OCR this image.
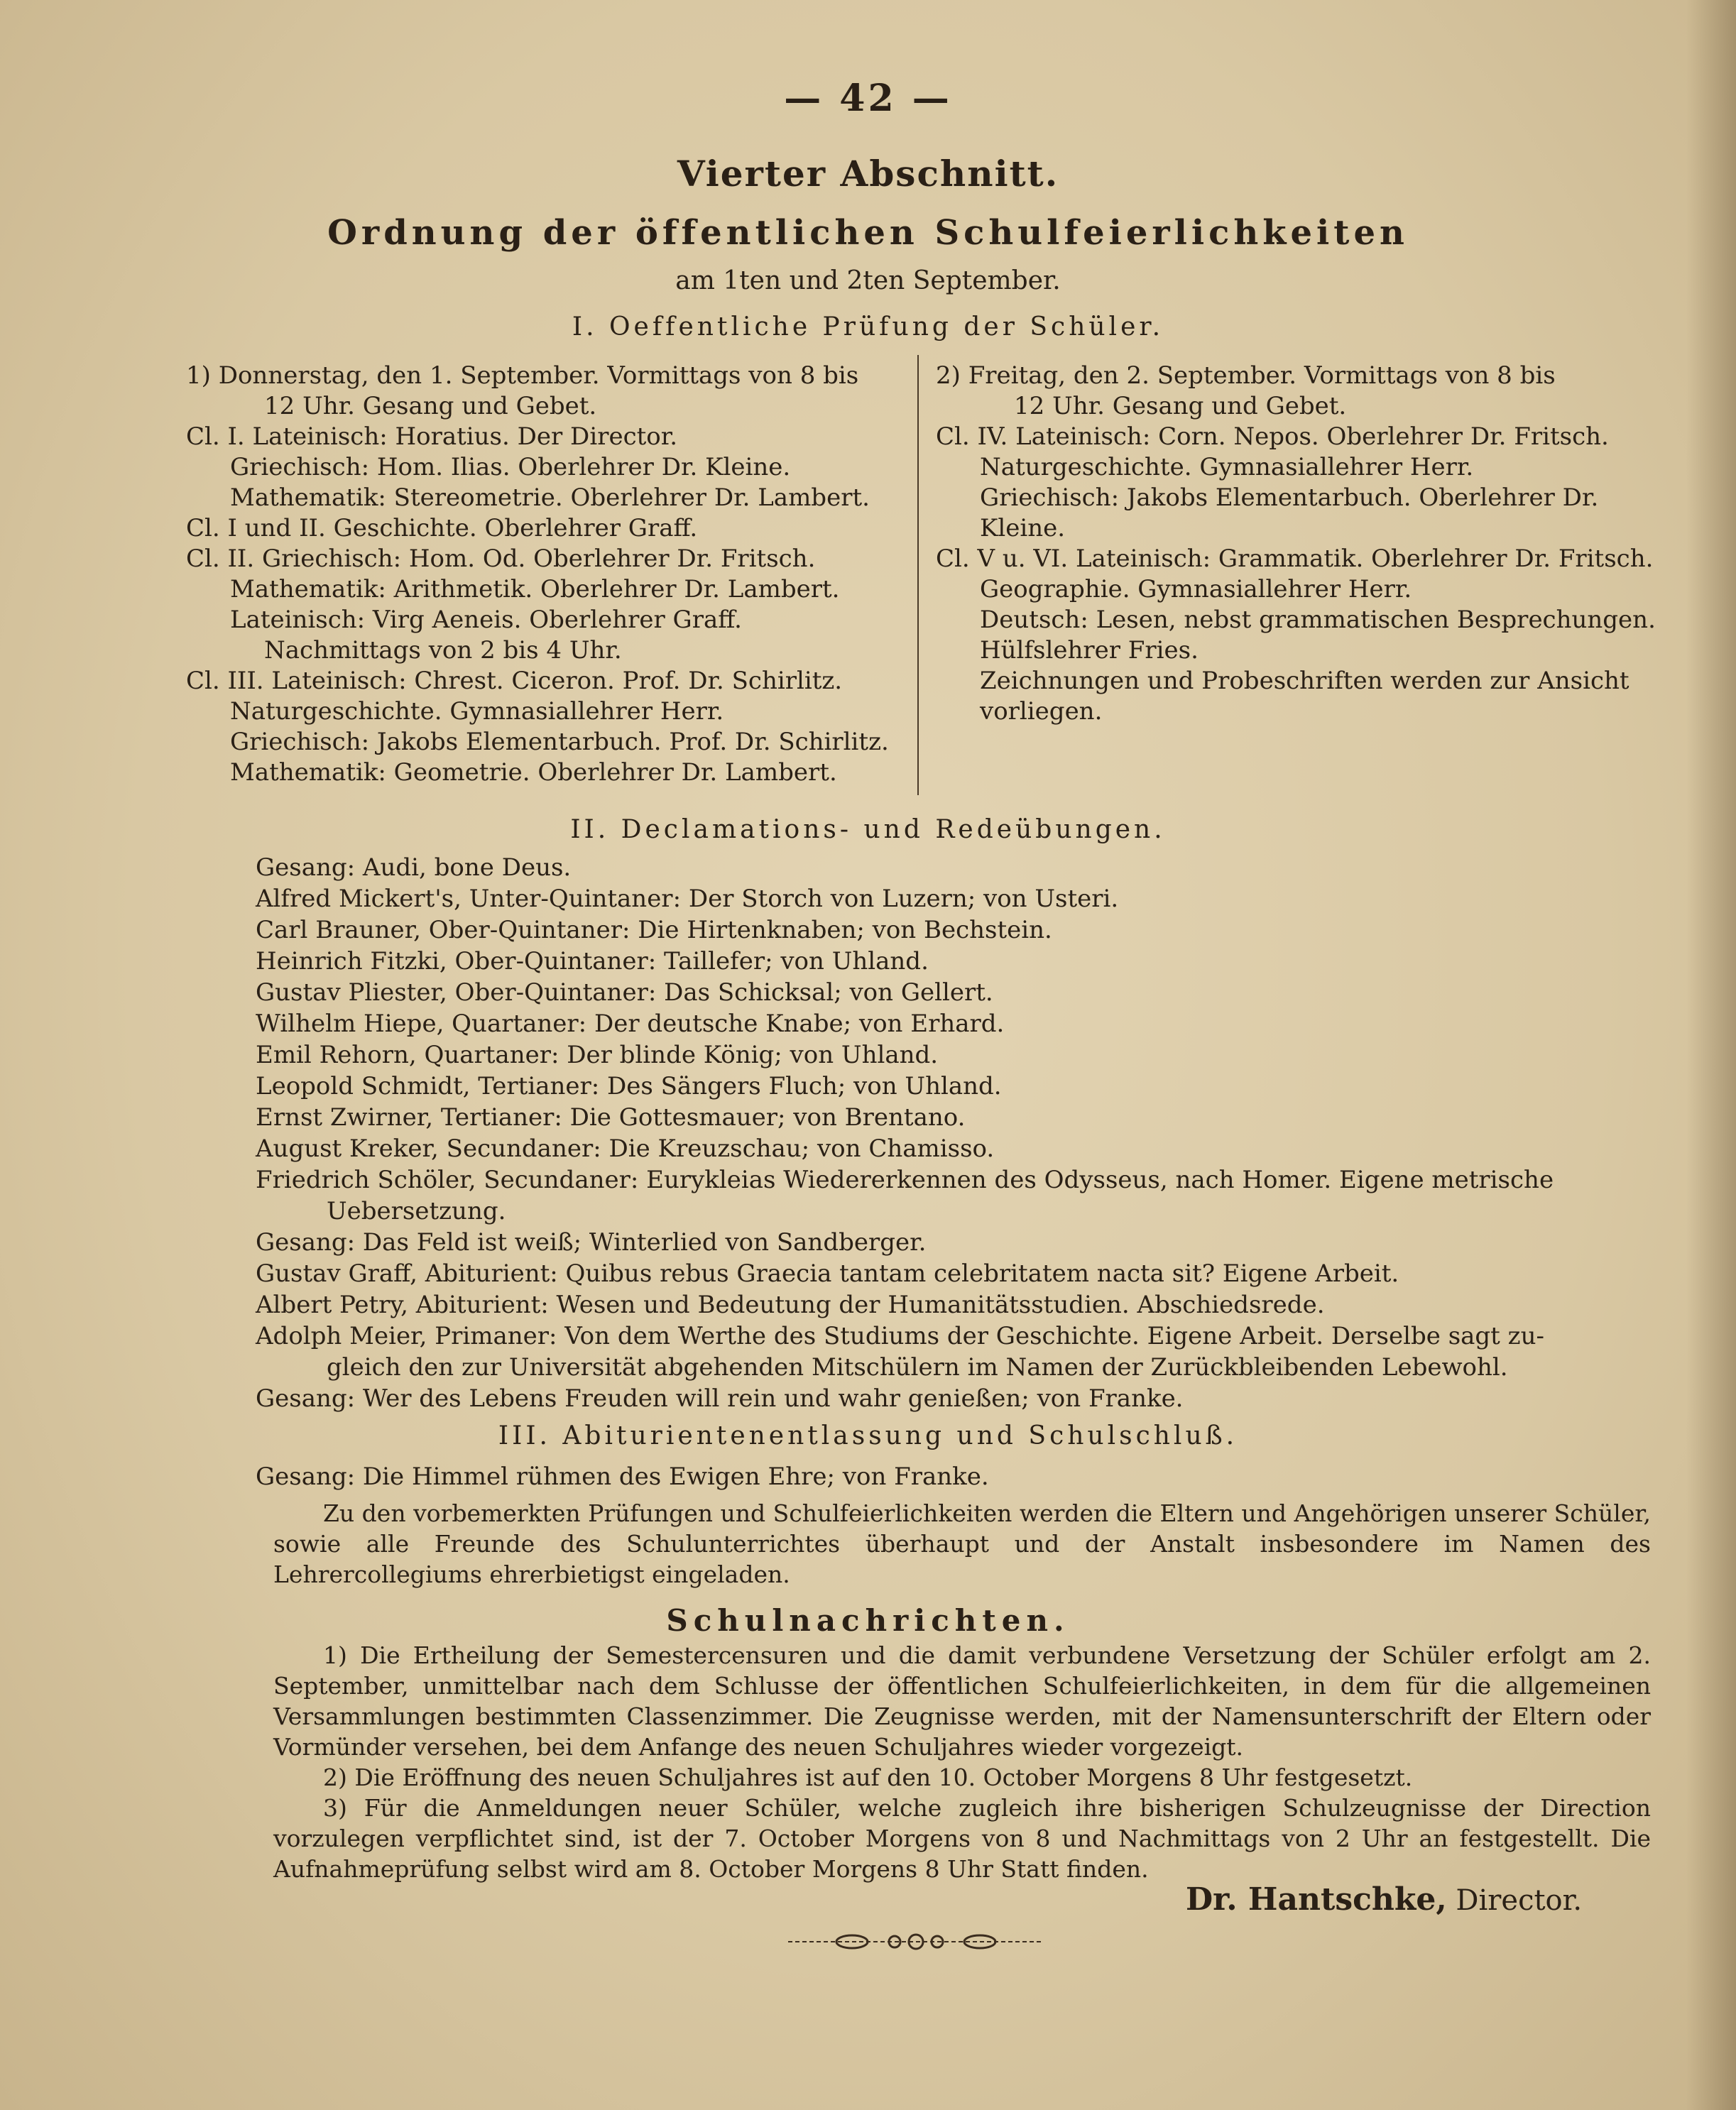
— 42 —
Vierter Abschnitt.
Ordnung der öffentlichen Schulfeierlichkeiten
am 1ten und 2ten September.
I. Oeffentliche Prüfung der Schüler.

1) Donnerstag, den 1. September. Vormittags von 8 bis

12 Uhr. Gesang und Gebet.

Cl. I. Lateinisch: Horatius. Der Director.

Griechisch: Hom. Ilias. Oberlehrer Dr. Kleine.

Mathematik: Stereometrie. Oberlehrer Dr. Lambert.

Cl. I und II. Geschichte. Oberlehrer Graff.

Cl. II. Griechisch: Hom. Od. Oberlehrer Dr. Fritsch.

Mathematik: Arithmetik. Oberlehrer Dr. Lambert.

Lateinisch: Virg Aeneis. Oberlehrer Graff.

Nachmittags von 2 bis 4 Uhr.

Cl. III. Lateinisch: Chrest. Ciceron. Prof. Dr. Schirlitz.

Naturgeschichte. Gymnasiallehrer Herr.

Griechisch: Jakobs Elementarbuch. Prof. Dr. Schirlitz.

Mathematik: Geometrie. Oberlehrer Dr. Lambert.

2) Freitag, den 2. September. Vormittags von 8 bis

12 Uhr. Gesang und Gebet.

Cl. IV. Lateinisch: Corn. Nepos. Oberlehrer Dr. Fritsch.

Naturgeschichte. Gymnasiallehrer Herr.

Griechisch: Jakobs Elementarbuch. Oberlehrer Dr.

Kleine.

Cl. V u. VI. Lateinisch: Grammatik. Oberlehrer Dr. Fritsch.

Geographie. Gymnasiallehrer Herr.

Deutsch: Lesen, nebst grammatischen Besprechungen.

Hülfslehrer Fries.

Zeichnungen und Probeschriften werden zur Ansicht

vorliegen.

II. Declamations- und Redeübungen.

Gesang: Audi, bone Deus.

Alfred Mickert's, Unter-Quintaner: Der Storch von Luzern; von Usteri.

Carl Brauner, Ober-Quintaner: Die Hirtenknaben; von Bechstein.

Heinrich Fitzki, Ober-Quintaner: Taillefer; von Uhland.

Gustav Pliester, Ober-Quintaner: Das Schicksal; von Gellert.

Wilhelm Hiepe, Quartaner: Der deutsche Knabe; von Erhard.

Emil Rehorn, Quartaner: Der blinde König; von Uhland.

Leopold Schmidt, Tertianer: Des Sängers Fluch; von Uhland.

Ernst Zwirner, Tertianer: Die Gottesmauer; von Brentano.

August Kreker, Secundaner: Die Kreuzschau; von Chamisso.

Friedrich Schöler, Secundaner: Eurykleias Wiedererkennen des Odysseus, nach Homer. Eigene metrische

Uebersetzung.

Gesang: Das Feld ist weiß; Winterlied von Sandberger.

Gustav Graff, Abiturient: Quibus rebus Graecia tantam celebritatem nacta sit? Eigene Arbeit.

Albert Petry, Abiturient: Wesen und Bedeutung der Humanitätsstudien. Abschiedsrede.

Adolph Meier, Primaner: Von dem Werthe des Studiums der Geschichte. Eigene Arbeit. Derselbe sagt zu-

gleich den zur Universität abgehenden Mitschülern im Namen der Zurückbleibenden Lebewohl.

Gesang: Wer des Lebens Freuden will rein und wahr genießen; von Franke.

III. Abiturientenentlassung und Schulschluß.
Gesang: Die Himmel rühmen des Ewigen Ehre; von Franke.

Zu den vorbemerkten Prüfungen und Schulfeierlichkeiten werden die Eltern und Angehörigen unserer Schüler, sowie alle Freunde des Schulunterrichtes überhaupt und der Anstalt insbesondere im Namen des Lehrercollegiums ehrerbietigst eingeladen.

Schulnachrichten.

1) Die Ertheilung der Semestercensuren und die damit verbundene Versetzung der Schüler erfolgt am 2. September, unmittelbar nach dem Schlusse der öffentlichen Schulfeierlichkeiten, in dem für die allgemeinen Versammlungen bestimmten Classenzimmer. Die Zeugnisse werden, mit der Namensunterschrift der Eltern oder Vormünder versehen, bei dem Anfange des neuen Schuljahres wieder vorgezeigt.

2) Die Eröffnung des neuen Schuljahres ist auf den 10. October Morgens 8 Uhr festgesetzt.

3) Für die Anmeldungen neuer Schüler, welche zugleich ihre bisherigen Schulzeugnisse der Direction vorzulegen verpflichtet sind, ist der 7. October Morgens von 8 und Nachmittags von 2 Uhr an festgestellt. Die Aufnahmeprüfung selbst wird am 8. October Morgens 8 Uhr Statt finden.

Dr. Hantschke, Director.
